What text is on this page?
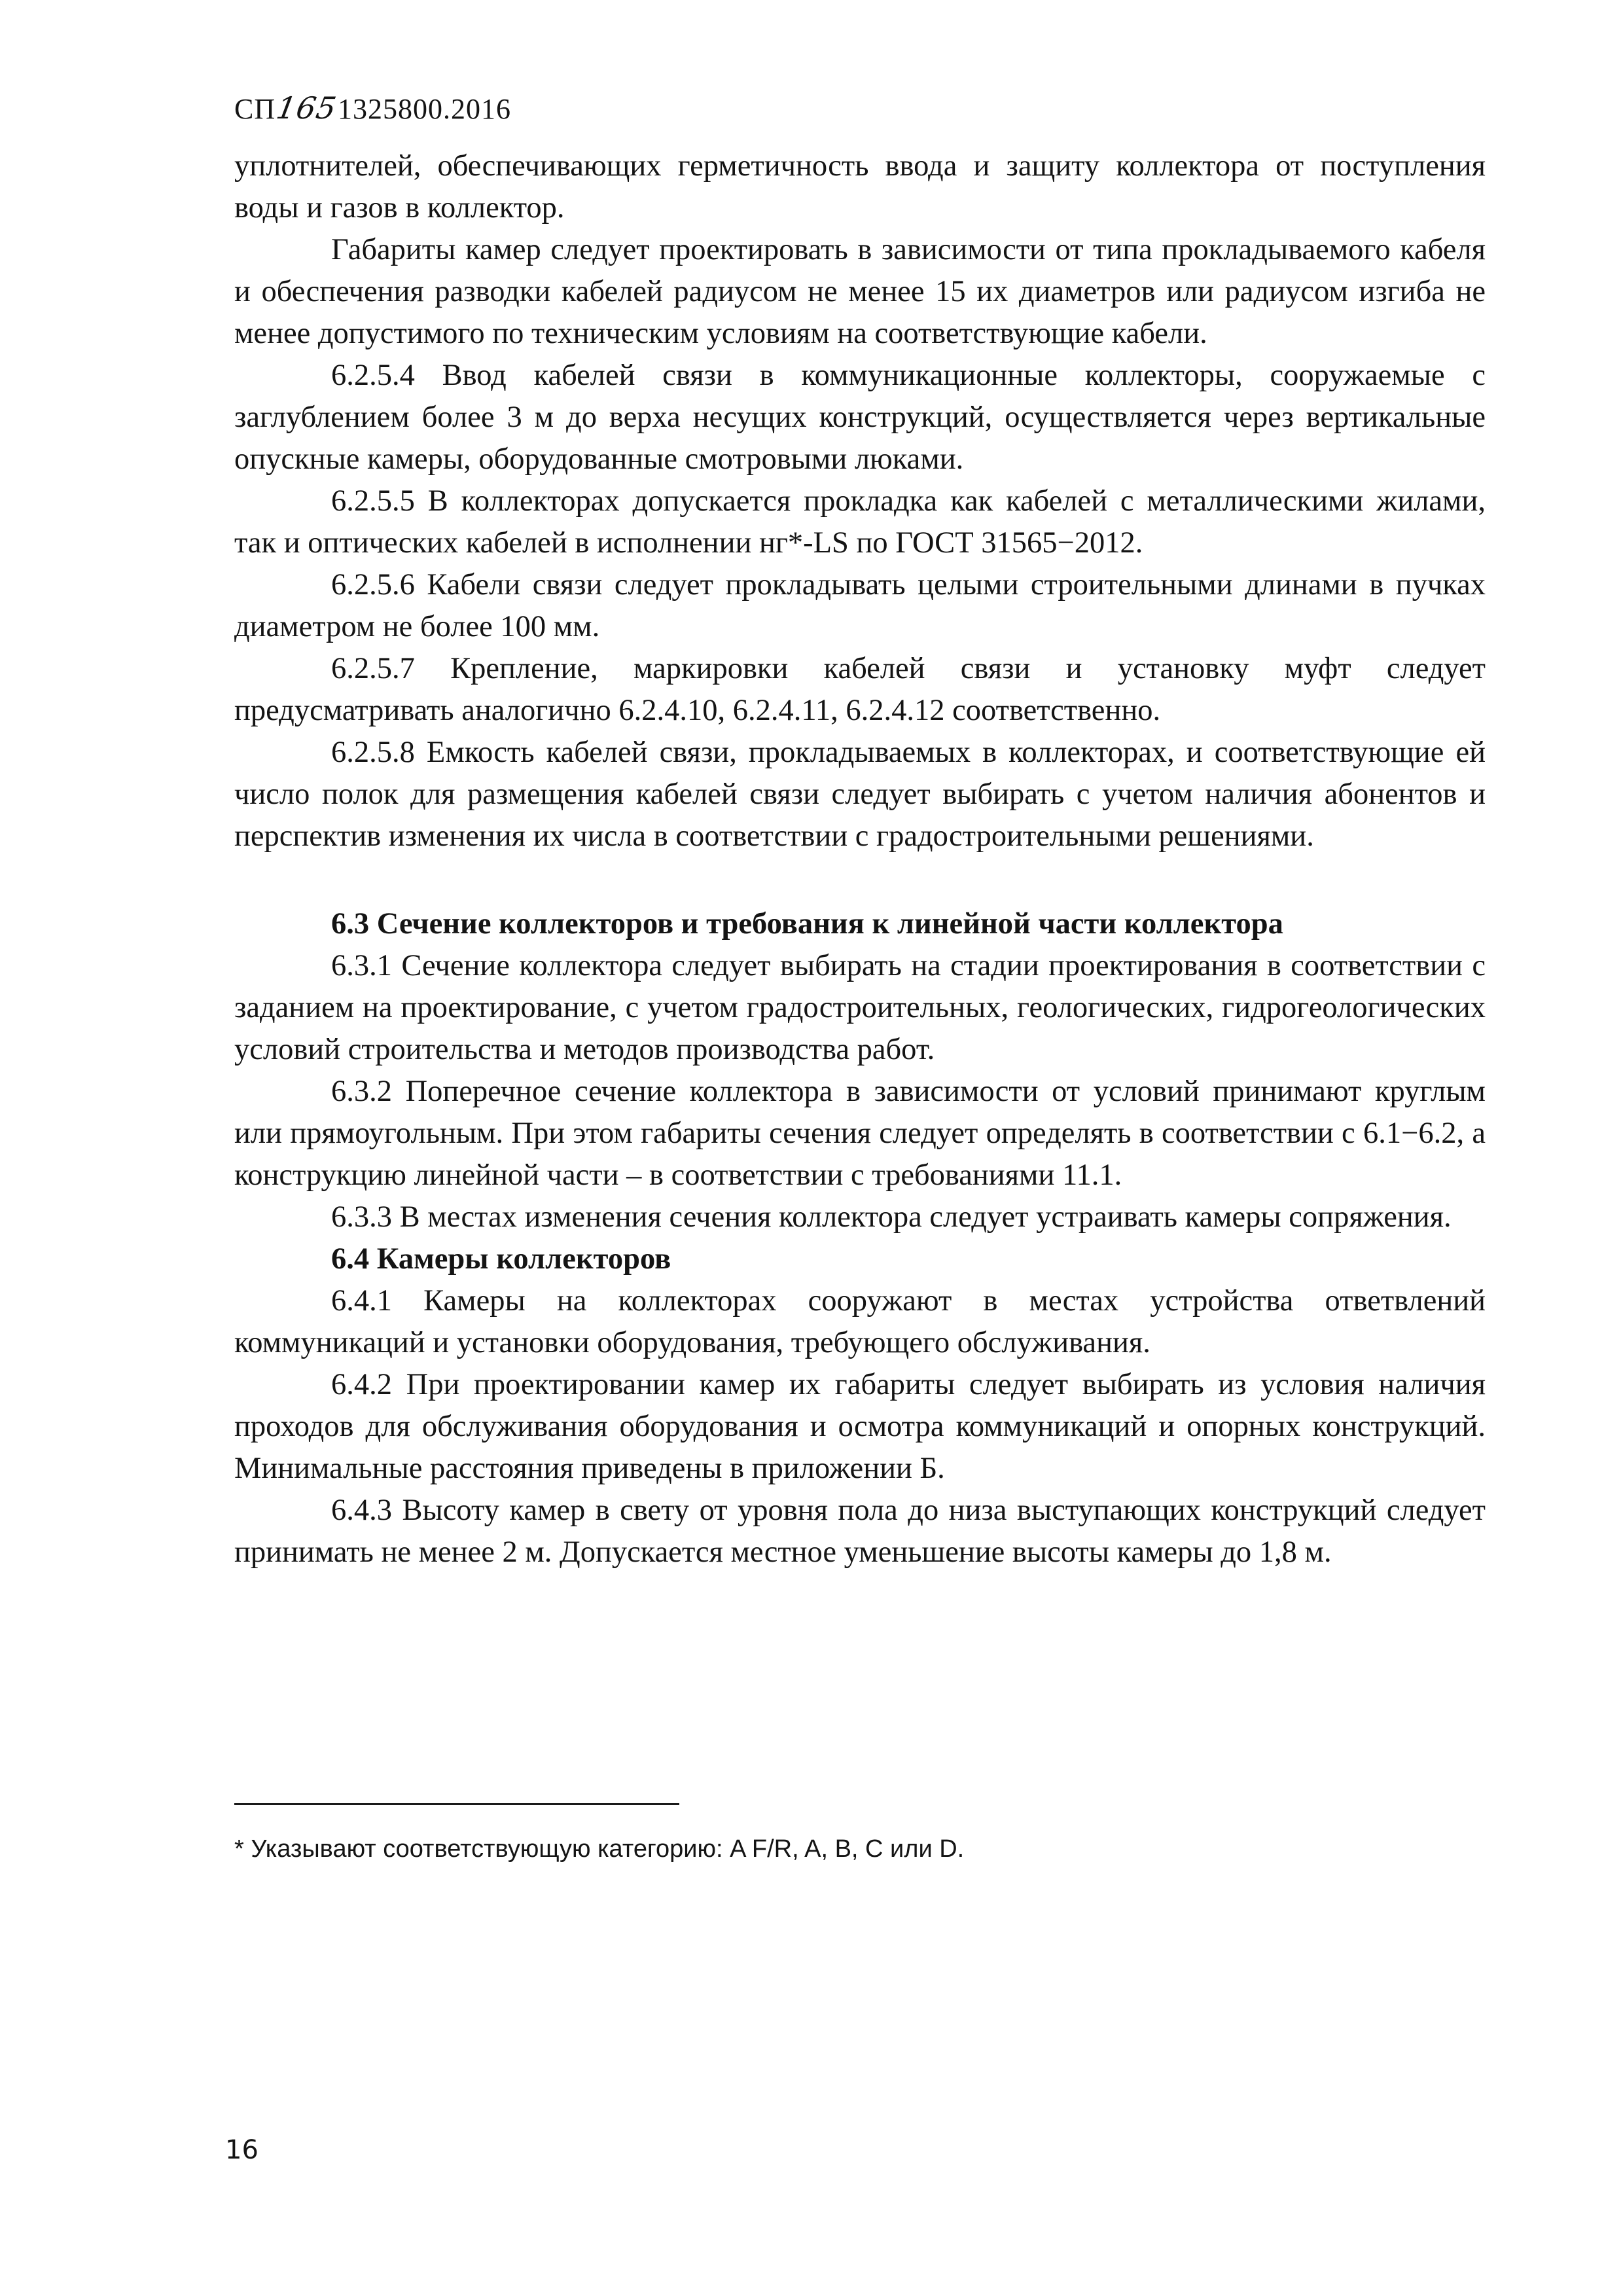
СП1651325800.2016

уплотнителей, обеспечивающих герметичность ввода и защиту коллектора от поступления воды и газов в коллектор.

Габариты камер следует проектировать в зависимости от типа прокладываемого кабеля и обеспечения разводки кабелей радиусом не менее 15 их диаметров или радиусом изгиба не менее допустимого по техническим условиям на соответствующие кабели.

6.2.5.4 Ввод кабелей связи в коммуникационные коллекторы, сооружаемые с заглублением более 3 м до верха несущих конструкций, осуществляется через вертикальные опускные камеры, оборудованные смотровыми люками.

6.2.5.5 В коллекторах допускается прокладка как кабелей с металлическими жилами, так и оптических кабелей в исполнении нг*-LS по ГОСТ 31565−2012.

6.2.5.6 Кабели связи следует прокладывать целыми строительными длинами в пучках диаметром не более 100 мм.

6.2.5.7 Крепление, маркировки кабелей связи и установку муфт следует предусматривать аналогично 6.2.4.10, 6.2.4.11, 6.2.4.12 соответственно.

6.2.5.8 Емкость кабелей связи, прокладываемых в коллекторах, и соответствующие ей число полок для размещения кабелей связи следует выбирать с учетом наличия абонентов и перспектив изменения их числа в соответствии с градостроительными решениями.

6.3 Сечение коллекторов и требования к линейной части коллектора

6.3.1 Сечение коллектора следует выбирать на стадии проектирования в соответствии с заданием на проектирование, с учетом градостроительных, геологических, гидрогеологических условий строительства и методов производства работ.

6.3.2 Поперечное сечение коллектора в зависимости от условий принимают круглым или прямоугольным. При этом габариты сечения следует определять в соответствии с 6.1−6.2, а конструкцию линейной части – в соответствии с требованиями 11.1.

6.3.3 В местах изменения сечения коллектора следует устраивать камеры сопряжения.

6.4 Камеры коллекторов

6.4.1 Камеры на коллекторах сооружают в местах устройства ответвлений коммуникаций и установки оборудования, требующего обслуживания.

6.4.2 При проектировании камер их габариты следует выбирать из условия наличия проходов для обслуживания оборудования и осмотра коммуникаций и опорных конструкций. Минимальные расстояния приведены в приложении Б.

6.4.3 Высоту камер в свету от уровня пола до низа выступающих конструкций следует принимать не менее 2 м. Допускается местное уменьшение высоты камеры до 1,8 м.

* Указывают соответствующую категорию: A F/R, A, B, C или D.
16
